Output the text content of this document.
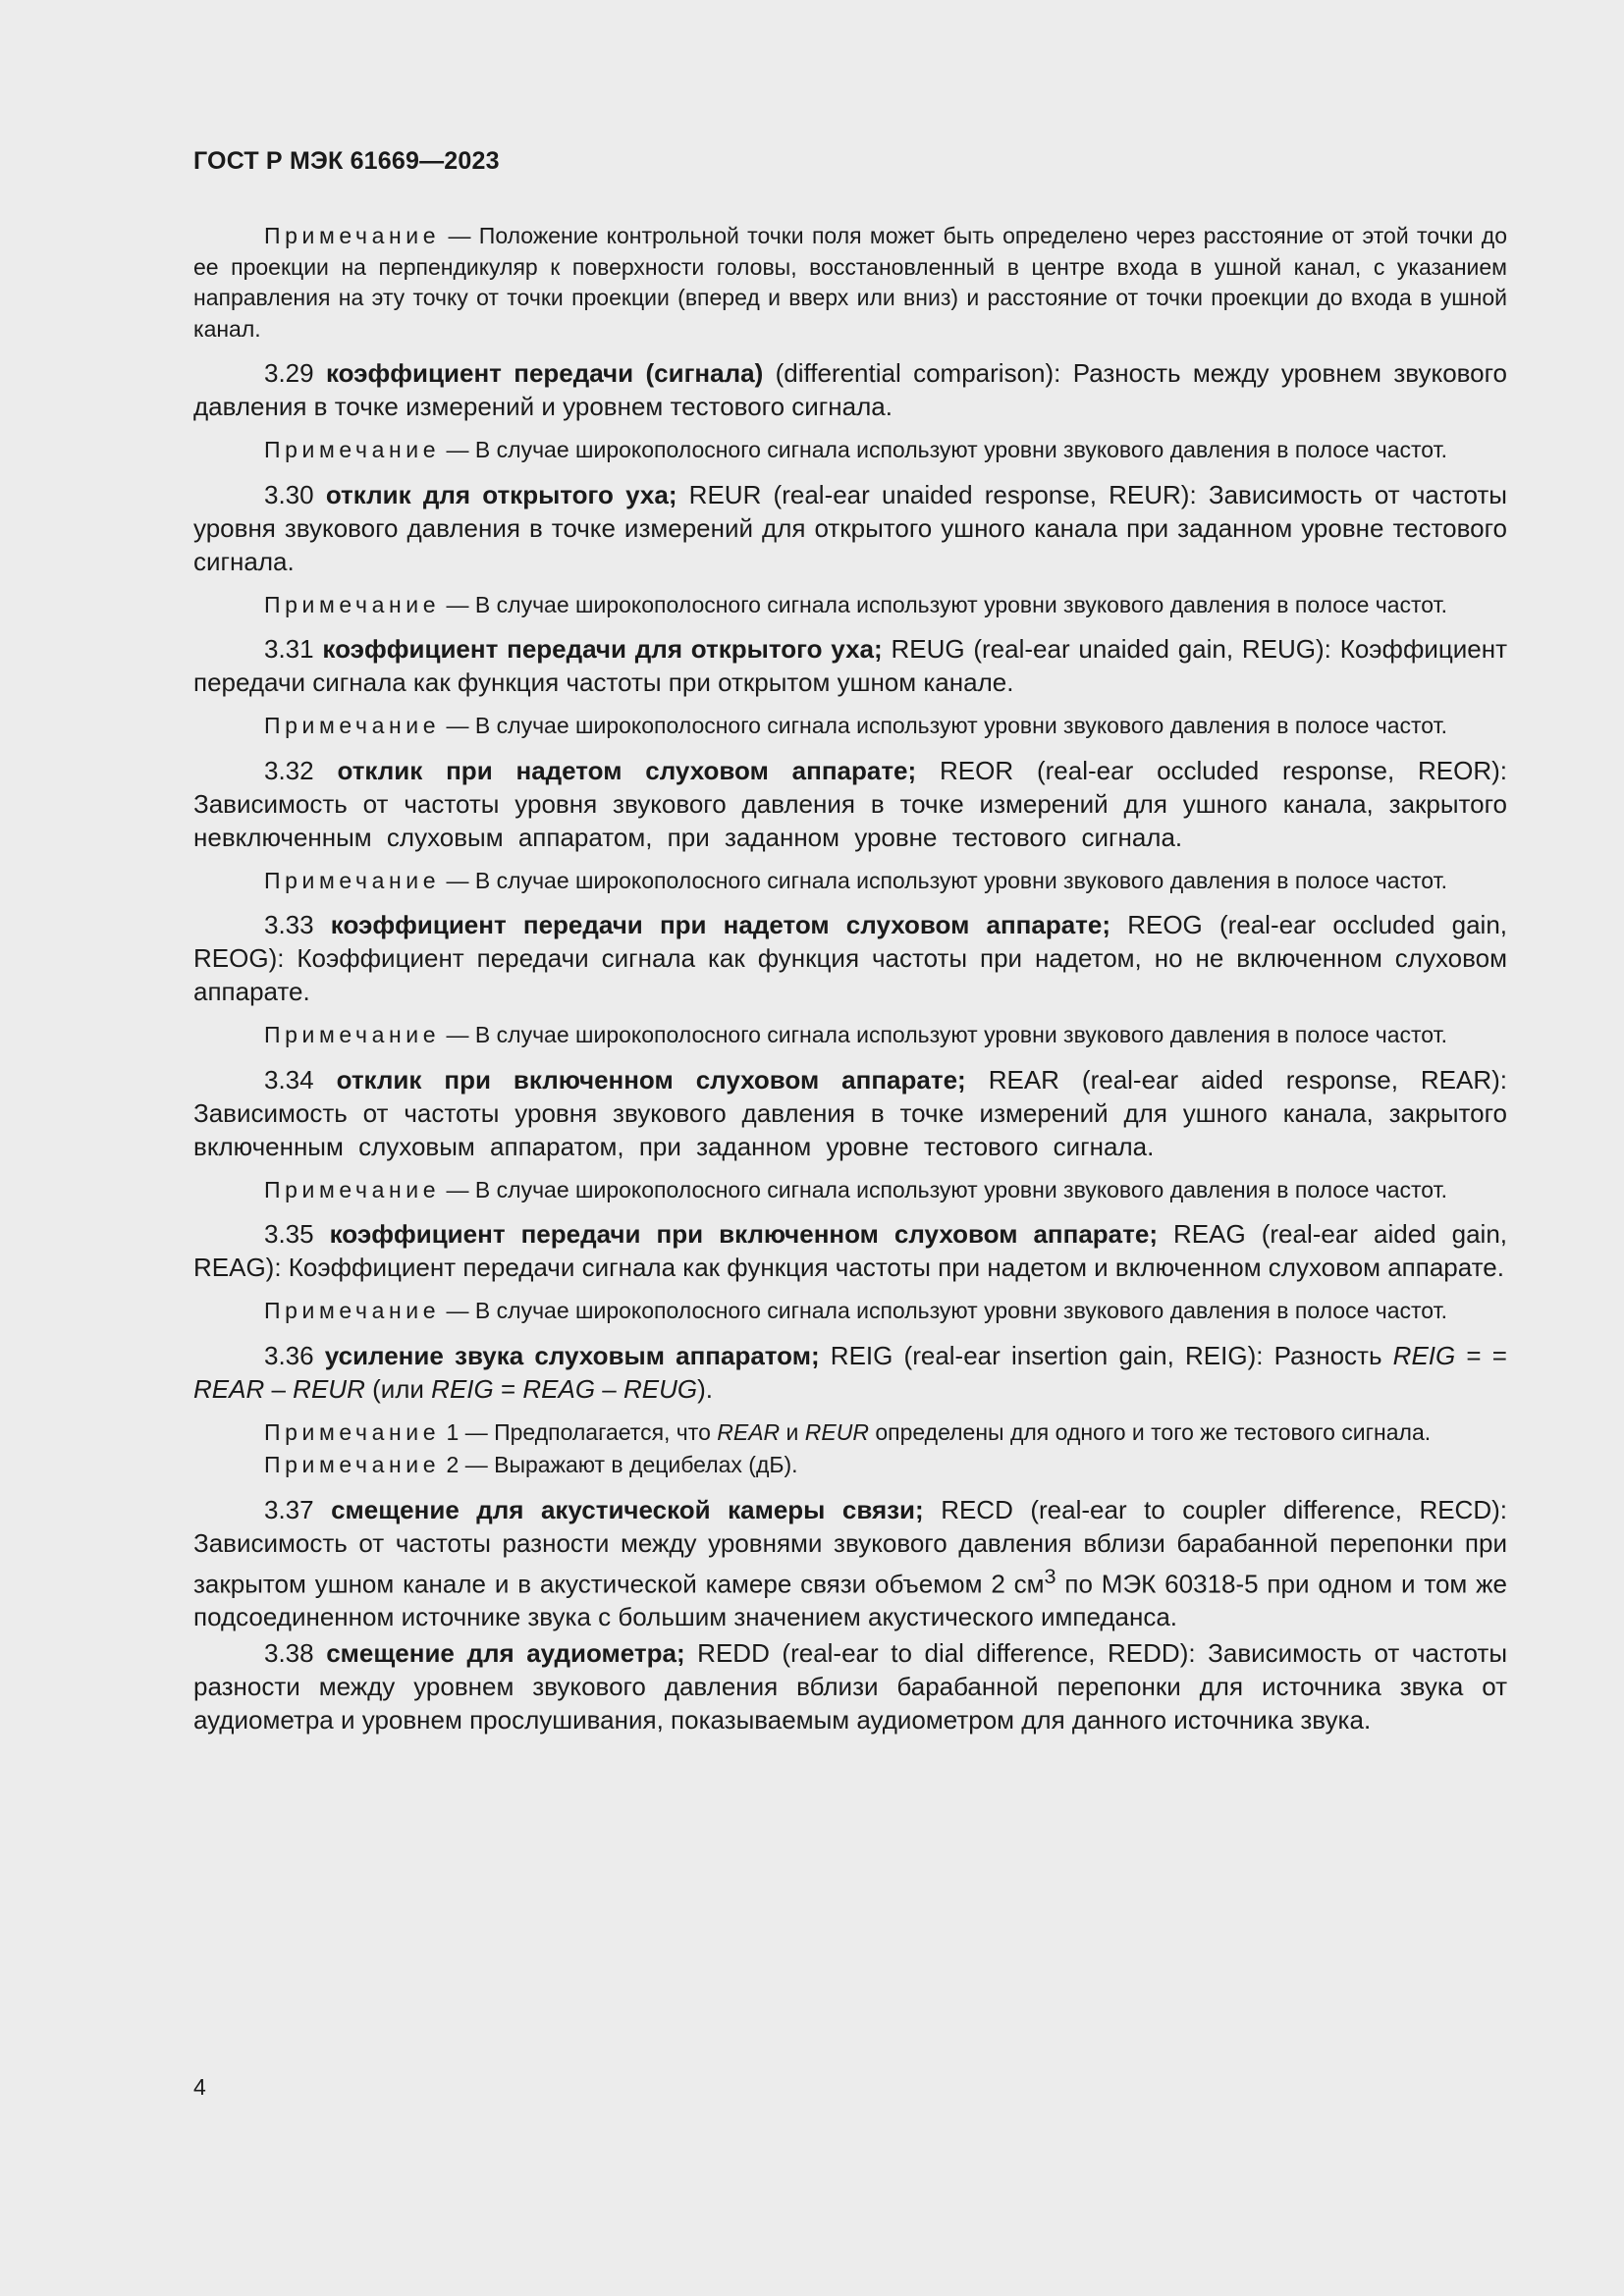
ГОСТ Р МЭК 61669—2023

Примечание — Положение контрольной точки поля может быть определено через расстояние от этой точки до ее проекции на перпендикуляр к поверхности головы, восстановленный в центре входа в ушной канал, с указанием направления на эту точку от точки проекции (вперед и вверх или вниз) и расстояние от точки проекции до входа в ушной канал.

3.29 коэффициент передачи (сигнала) (differential comparison): Разность между уровнем звукового давления в точке измерений и уровнем тестового сигнала.

Примечание — В случае широкополосного сигнала используют уровни звукового давления в полосе частот.

3.30 отклик для открытого уха; REUR (real-ear unaided response, REUR): Зависимость от частоты уровня звукового давления в точке измерений для открытого ушного канала при заданном уровне тестового сигнала.

Примечание — В случае широкополосного сигнала используют уровни звукового давления в полосе частот.

3.31 коэффициент передачи для открытого уха; REUG (real-ear unaided gain, REUG): Коэффициент передачи сигнала как функция частоты при открытом ушном канале.

Примечание — В случае широкополосного сигнала используют уровни звукового давления в полосе частот.

3.32 отклик при надетом слуховом аппарате; REOR (real-ear occluded response, REOR): Зависимость от частоты уровня звукового давления в точке измерений для ушного канала, закрытого невключенным слуховым аппаратом, при заданном уровне тестового сигнала.

Примечание — В случае широкополосного сигнала используют уровни звукового давления в полосе частот.

3.33 коэффициент передачи при надетом слуховом аппарате; REOG (real-ear occluded gain, REOG): Коэффициент передачи сигнала как функция частоты при надетом, но не включенном слуховом аппарате.

Примечание — В случае широкополосного сигнала используют уровни звукового давления в полосе частот.

3.34 отклик при включенном слуховом аппарате; REAR (real-ear aided response, REAR): Зависимость от частоты уровня звукового давления в точке измерений для ушного канала, закрытого включенным слуховым аппаратом, при заданном уровне тестового сигнала.

Примечание — В случае широкополосного сигнала используют уровни звукового давления в полосе частот.

3.35 коэффициент передачи при включенном слуховом аппарате; REAG (real-ear aided gain, REAG): Коэффициент передачи сигнала как функция частоты при надетом и включенном слуховом аппарате.

Примечание — В случае широкополосного сигнала используют уровни звукового давления в полосе частот.

3.36 усиление звука слуховым аппаратом; REIG (real-ear insertion gain, REIG): Разность REIG = = REAR – REUR (или REIG = REAG – REUG).

Примечание 1 — Предполагается, что REAR и REUR определены для одного и того же тестового сигнала.

Примечание 2 — Выражают в децибелах (дБ).

3.37 смещение для акустической камеры связи; RECD (real-ear to coupler difference, RECD): Зависимость от частоты разности между уровнями звукового давления вблизи барабанной перепонки при закрытом ушном канале и в акустической камере связи объемом 2 $см^3$ по МЭК 60318-5 при одном и том же подсоединенном источнике звука с большим значением акустического импеданса.

3.38 смещение для аудиометра; REDD (real-ear to dial difference, REDD): Зависимость от частоты разности между уровнем звукового давления вблизи барабанной перепонки для источника звука от аудиометра и уровнем прослушивания, показываемым аудиометром для данного источника звука.

4
